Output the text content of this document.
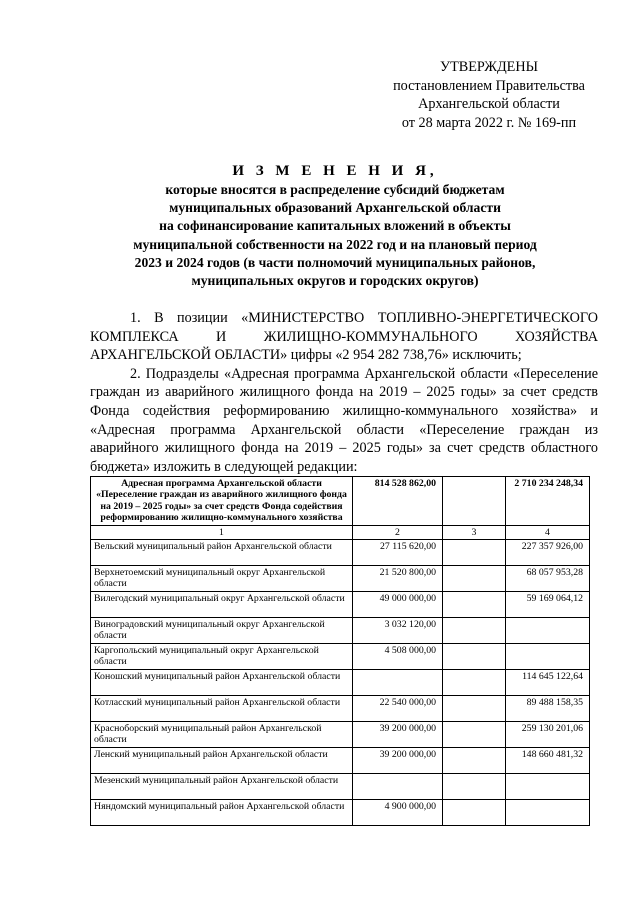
УТВЕРЖДЕНЫ
постановлением Правительства
Архангельской области
от 28 марта 2022 г. № 169-пп
И З М Е Н Е Н И Я,
которые вносятся в распределение субсидий бюджетам
муниципальных образований Архангельской области
на софинансирование капитальных вложений в объекты
муниципальной собственности на 2022 год и на плановый период
2023 и 2024 годов (в части полномочий муниципальных районов,
муниципальных округов и городских округов)

1. В позиции «МИНИСТЕРСТВО ТОПЛИВНО-ЭНЕРГЕТИЧЕСКОГО КОМПЛЕКСА И ЖИЛИЩНО-КОММУНАЛЬНОГО ХОЗЯЙСТВА АРХАНГЕЛЬСКОЙ ОБЛАСТИ» цифры «2 954 282 738,76» исключить;

2. Подразделы «Адресная программа Архангельской области «Переселение граждан из аварийного жилищного фонда на 2019 – 2025 годы» за счет средств Фонда содействия реформированию жилищно-коммунального хозяйства» и «Адресная программа Архангельской области «Переселение граждан из аварийного жилищного фонда на 2019 – 2025 годы» за счет средств областного бюджета» изложить в следующей редакции:

Адресная программа Архангельской области «Переселение граждан из аварийного жилищного фонда на 2019 – 2025 годы» за счет средств Фонда содействия реформированию жилищно-коммунального хозяйства	814 528 862,00		2 710 234 248,34
1	2	3	4
Вельский муниципальный район Архангельской области	27 115 620,00		227 357 926,00
Верхнетоемский муниципальный округ Архангельской области	21 520 800,00		68 057 953,28
Вилегодский муниципальный округ Архангельской области	49 000 000,00		59 169 064,12
Виноградовский муниципальный округ Архангельской области	3 032 120,00		
Каргопольский муниципальный округ Архангельской области	4 508 000,00		
Коношский муниципальный район Архангельской области			114 645 122,64
Котласский муниципальный район Архангельской области	22 540 000,00		89 488 158,35
Красноборский муниципальный район Архангельской области	39 200 000,00		259 130 201,06
Ленский муниципальный район Архангельской области	39 200 000,00		148 660 481,32
Мезенский муниципальный район Архангельской области			
Няндомский муниципальный район Архангельской области	4 900 000,00		
